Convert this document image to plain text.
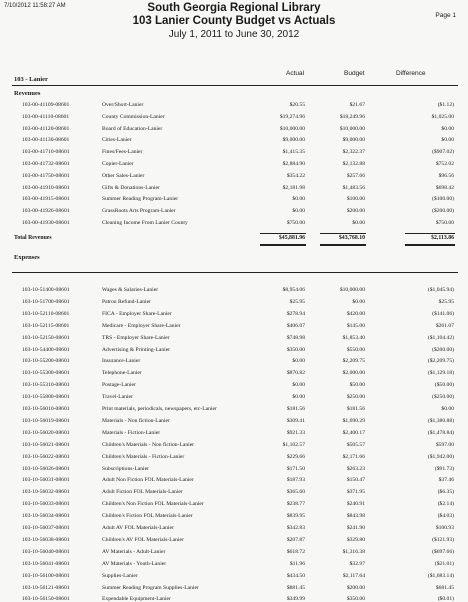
7/10/2012 11:58:27 AM
Page 1
South Georgia Regional Library
103 Lanier County Budget vs Actuals
July 1, 2011 to June 30, 2012
Actual	Budget	Difference
103 - Lanier
Revenues
103-00-41109-08601	Over/Short-Lanier	$20.55	$21.67	($1.12)
103-00-41110-08601	County Commission-Lanier	$19,274.96	$18,249.96	$1,025.00
103-00-41120-08601	Board of Education-Lanier	$10,000.00	$10,000.00	$0.00
103-00-41130-08601	Cities-Lanier	$9,000.00	$9,000.00	$0.00
103-00-41710-08601	Fines/Fees-Lanier	$1,415.35	$2,322.37	($907.02)
103-00-41732-08601	Copier-Lanier	$2,884.90	$2,132.88	$752.02
103-00-41750-08601	Other Sales-Lanier	$354.22	$257.66	$96.56
103-00-41910-08601	Gifts & Donations-Lanier	$2,181.98	$1,483.56	$698.42
103-00-41915-08601	Summer Reading Program-Lanier	$0.00	$100.00	($100.00)
103-00-41926-08601	GrassRoots Arts Program-Lanier	$0.00	$200.00	($200.00)
103-00-41930-08601	Cleaning Income From Lanier County	$750.00	$0.00	$750.00
Total Revenues	$45,881.96	$43,768.10	$2,113.86
Expenses
103-10-51400-08601	Wages & Salaries-Lanier	$8,954.06	$10,000.00	($1,045.94)
103-10-51700-08601	Patron Refund-Lanier	$25.95	$0.00	$25.95
103-10-52110-08601	FICA - Employer Share-Lanier	$278.94	$420.00	($141.06)
103-10-52115-08601	Medicare - Employer Share-Lanier	$406.07	$145.00	$261.07
103-10-52150-08601	TRS - Employer Share-Lanier	$748.98	$1,853.40	($1,104.42)
103-10-54400-08601	Advertising & Printing-Lanier	$350.00	$550.00	($200.00)
103-10-55200-08601	Insurance-Lanier	$0.00	$2,209.75	($2,209.75)
103-10-55300-08601	Telephone-Lanier	$870.82	$2,000.00	($1,129.18)
103-10-55310-08601	Postage-Lanier	$0.00	$50.00	($50.00)
103-10-55800-08601	Travel-Lanier	$0.00	$250.00	($250.00)
103-10-56010-08601	Print materials, periodicals, newspapers, etc-Lanier	$181.56	$181.56	$0.00
103-10-56019-08601	Materials - Non fiction-Lanier	$309.41	$1,690.29	($1,380.88)
103-10-56020-08601	Materials - Fiction-Lanier	$921.33	$2,400.17	($1,478.84)
103-10-56021-08601	Children's Materials - Non fiction-Lanier	$1,102.57	$505.57	$597.00
103-10-56022-08601	Children's Materials - Fiction-Lanier	$229.66	$2,171.66	($1,942.00)
103-10-56026-08601	Subscriptions-Lanier	$171.50	$263.23	($91.73)
103-10-56031-08601	Adult Non Fiction FOL Materials-Lanier	$187.93	$150.47	$37.46
103-10-56032-08601	Adult Fiction FOL Materials-Lanier	$365.60	$371.95	($6.35)
103-10-56033-08601	Children's Non Fiction FOL Materials-Lanier	$238.77	$240.91	($2.14)
103-10-56034-08601	Children's Fiction FOL Materials-Lanier	$839.95	$843.98	($4.03)
103-10-56037-08601	Adult AV FOL Materials-Lanier	$342.83	$241.90	$100.93
103-10-56038-08601	Children's AV FOL Materials-Lanier	$207.87	$329.80	($121.93)
103-10-56040-08601	AV Materials - Adult-Lanier	$618.72	$1,316.38	($697.66)
103-10-56041-08601	AV Materials - Youth-Lanier	$11.96	$32.97	($21.01)
103-10-56100-08601	Supplies-Lanier	$434.50	$2,117.64	($1,683.14)
103-10-56121-08601	Summer Reading Program Supplies-Lanier	$881.45	$200.00	$681.45
103-10-56150-08601	Expendable Equipment-Lanier	$349.99	$350.00	($0.01)
